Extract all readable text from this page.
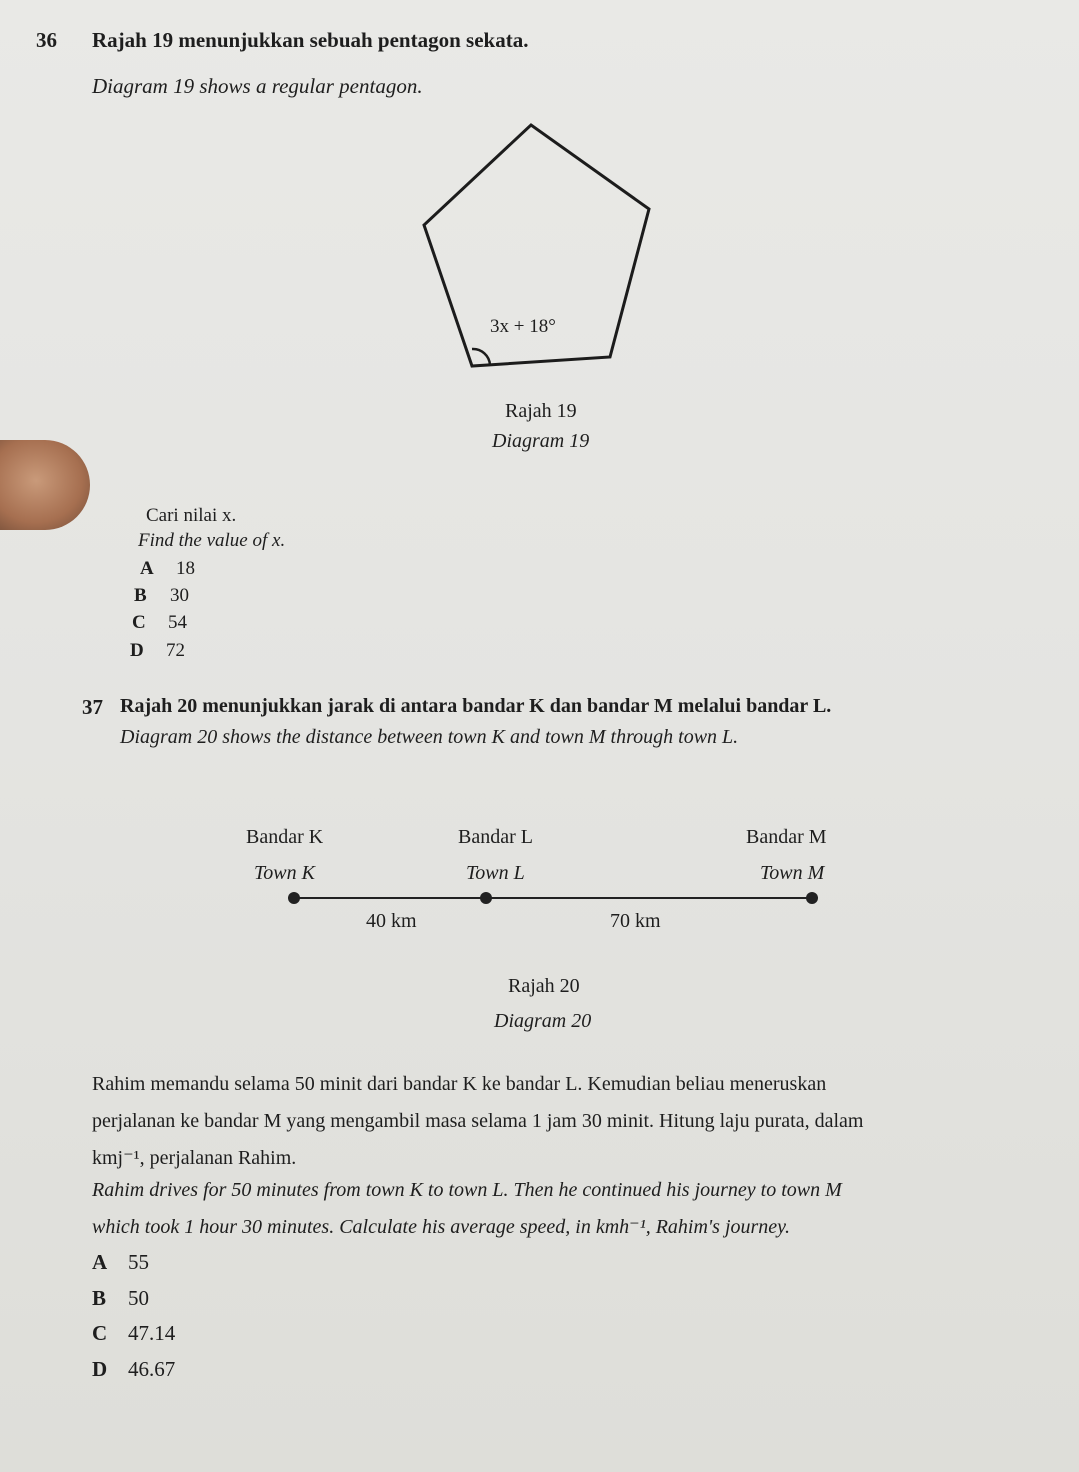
36 Rajah 19 menunjukkan sebuah pentagon sekata.
Diagram 19 shows a regular pentagon.
3x + 18°
Rajah 19
Diagram 19
Cari nilai x.
Find the value of x.
A 18
B 30
C 54
D 72
37 Rajah 20 menunjukkan jarak di antara bandar K dan bandar M melalui bandar L.
Diagram 20 shows the distance between town K and town M through town L.
Bandar K
Town K
Bandar L
Town L
Bandar M
Town M
40 km	70 km
Rajah 20
Diagram 20
Rahim memandu selama 50 minit dari bandar K ke bandar L. Kemudian beliau meneruskan
perjalanan ke bandar M yang mengambil masa selama 1 jam 30 minit. Hitung laju purata, dalam
kmj⁻¹, perjalanan Rahim.
Rahim drives for 50 minutes from town K to town L. Then he continued his journey to town M
which took 1 hour 30 minutes. Calculate his average speed, in kmh⁻¹, Rahim's journey.
A 55
B 50
C 47.14
D 46.67
